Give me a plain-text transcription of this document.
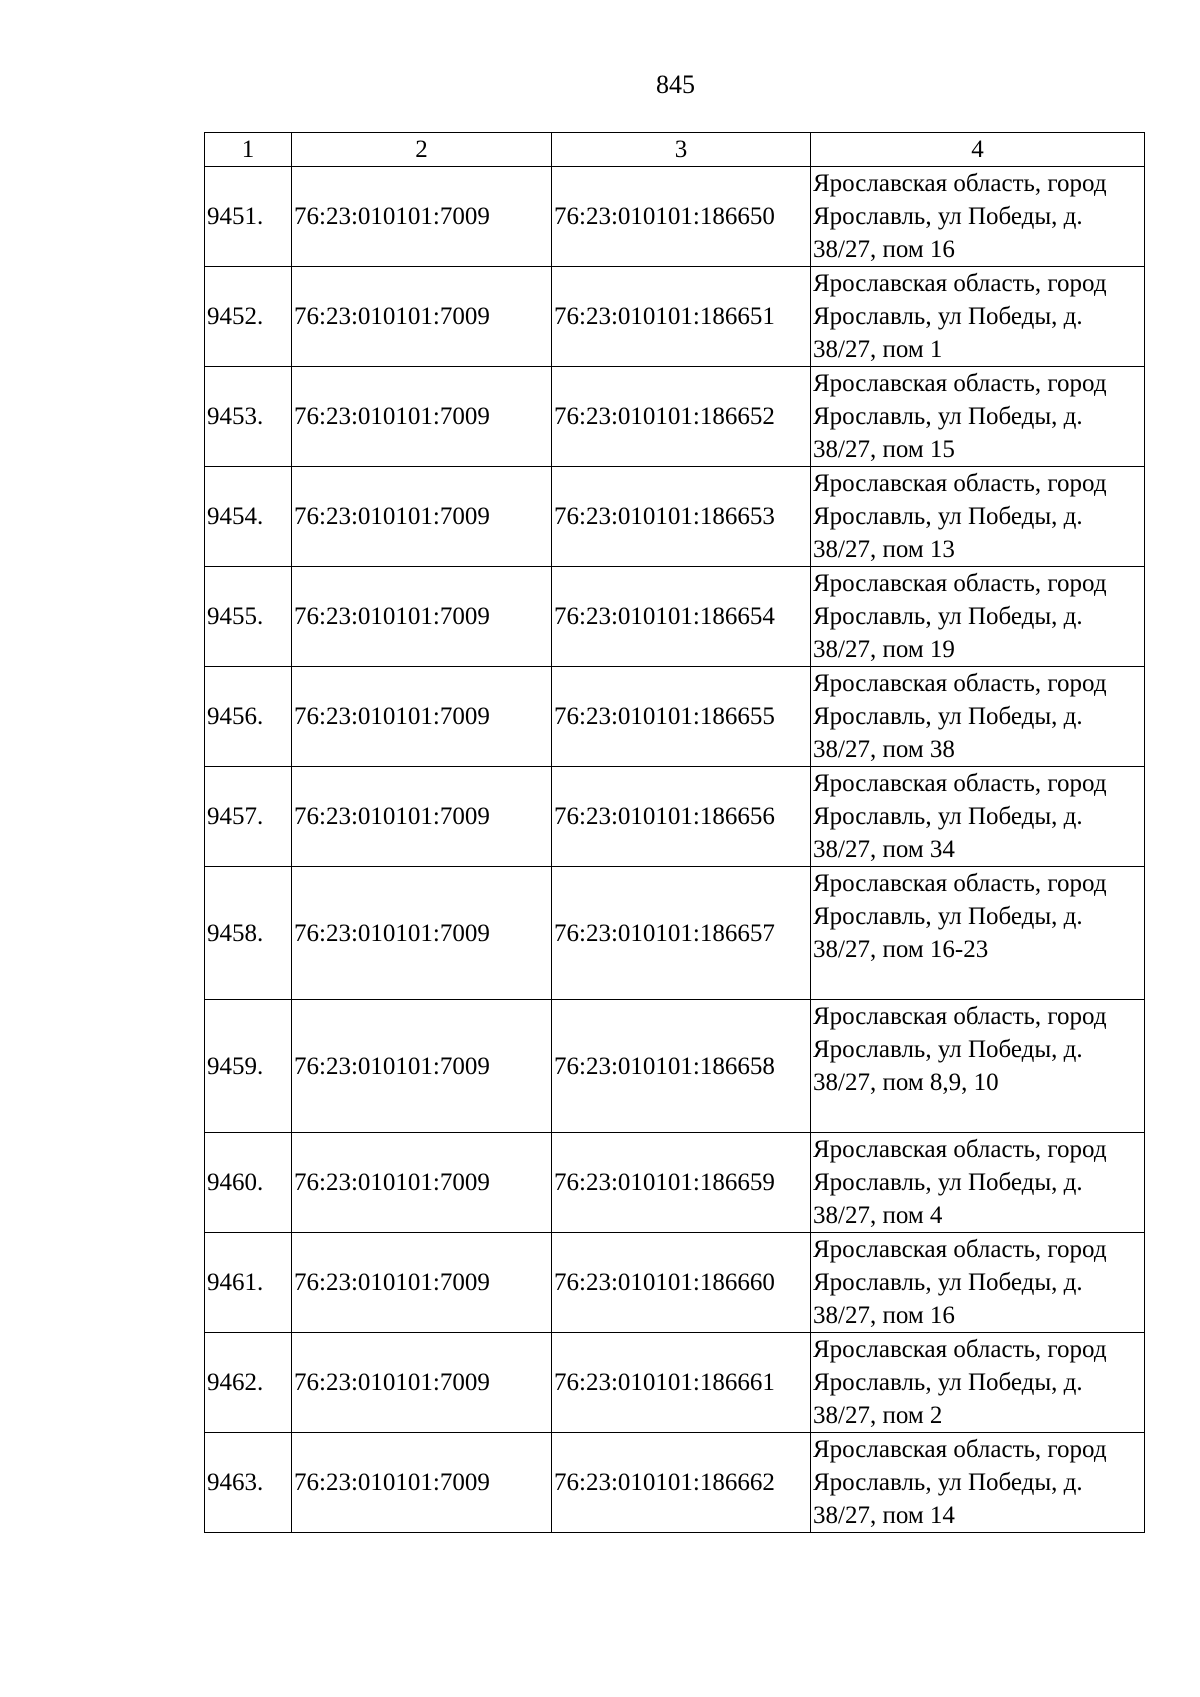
845
1	2	3	4
9451.	76:23:010101:7009	76:23:010101:186650	Ярославская область, город Ярославль, ул Победы, д. 38/27, пом 16
9452.	76:23:010101:7009	76:23:010101:186651	Ярославская область, город Ярославль, ул Победы, д. 38/27, пом 1
9453.	76:23:010101:7009	76:23:010101:186652	Ярославская область, город Ярославль, ул Победы, д. 38/27, пом 15
9454.	76:23:010101:7009	76:23:010101:186653	Ярославская область, город Ярославль, ул Победы, д. 38/27, пом 13
9455.	76:23:010101:7009	76:23:010101:186654	Ярославская область, город Ярославль, ул Победы, д. 38/27, пом 19
9456.	76:23:010101:7009	76:23:010101:186655	Ярославская область, город Ярославль, ул Победы, д. 38/27, пом 38
9457.	76:23:010101:7009	76:23:010101:186656	Ярославская область, город Ярославль, ул Победы, д. 38/27, пом 34
9458.	76:23:010101:7009	76:23:010101:186657	Ярославская область, город Ярославль, ул Победы, д. 38/27, пом 16-23
9459.	76:23:010101:7009	76:23:010101:186658	Ярославская область, город Ярославль, ул Победы, д. 38/27, пом 8,9, 10
9460.	76:23:010101:7009	76:23:010101:186659	Ярославская область, город Ярославль, ул Победы, д. 38/27, пом 4
9461.	76:23:010101:7009	76:23:010101:186660	Ярославская область, город Ярославль, ул Победы, д. 38/27, пом 16
9462.	76:23:010101:7009	76:23:010101:186661	Ярославская область, город Ярославль, ул Победы, д. 38/27, пом 2
9463.	76:23:010101:7009	76:23:010101:186662	Ярославская область, город Ярославль, ул Победы, д. 38/27, пом 14
